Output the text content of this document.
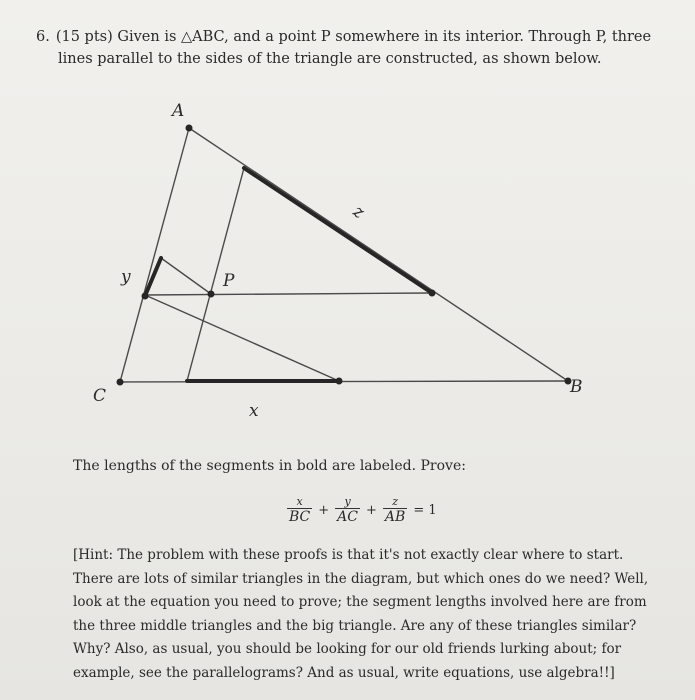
6. (15 pts) Given is △ABC, and a point P somewhere in its interior. Through P, three
lines parallel to the sides of the triangle are constructed, as shown below.
A
C	B
P
x
y
z
The lengths of the segments in bold are labeled. Prove:
$\frac{x}{BC} + \frac{y}{AC} + \frac{z}{AB} = 1$
[Hint: The problem with these proofs is that it's not exactly clear where to start. There are lots of similar triangles in the diagram, but which ones do we need? Well, look at the equation you need to prove; the segment lengths involved here are from the three middle triangles and the big triangle. Are any of these triangles similar? Why? Also, as usual, you should be looking for our old friends lurking about; for example, see the parallelograms? And as usual, write equations, use algebra!!]
